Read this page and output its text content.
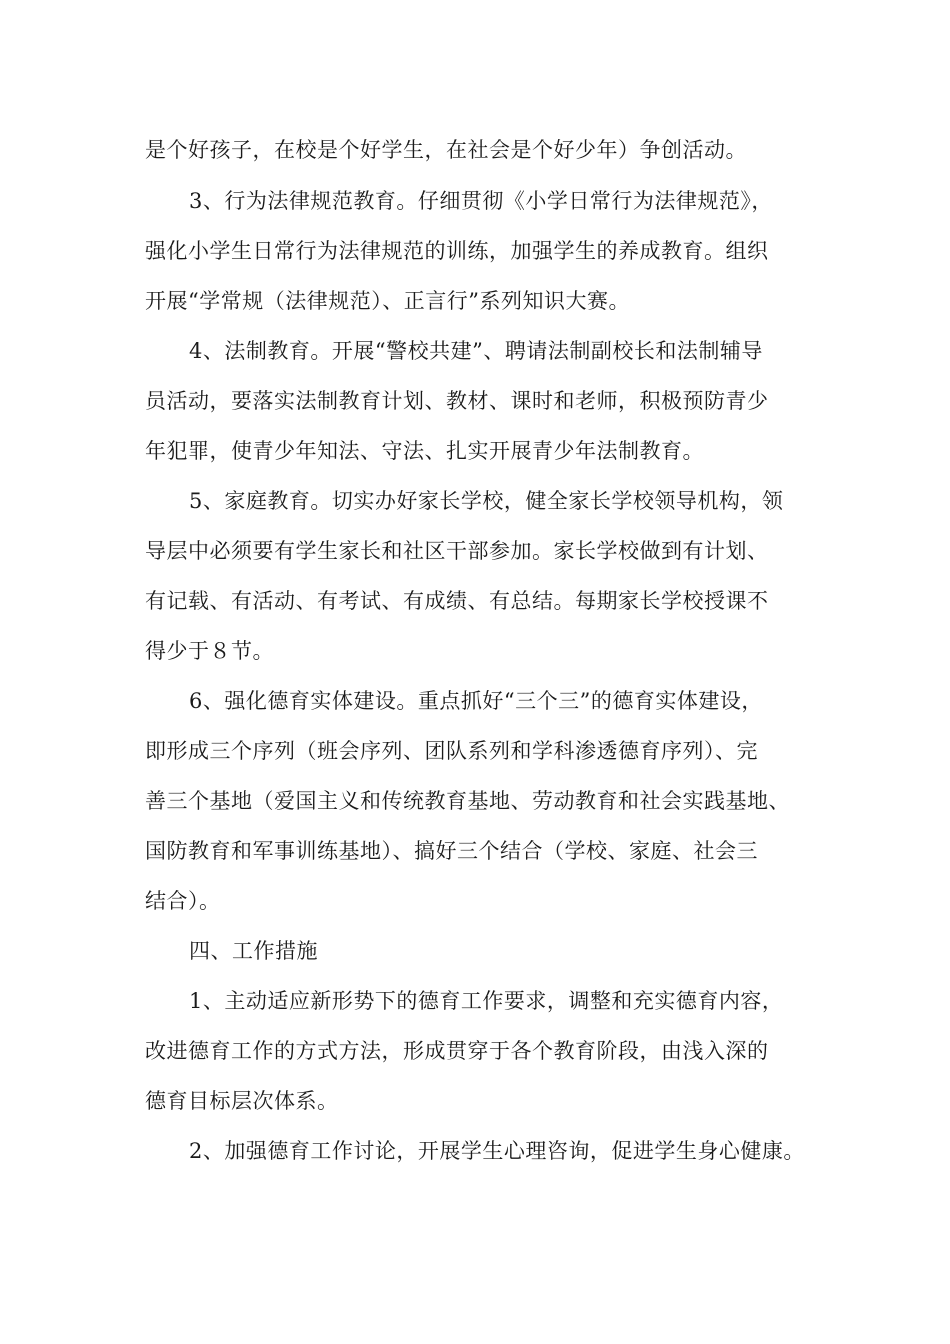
是个好孩子，在校是个好学生，在社会是个好少年）争创活动。
3、行为法律规范教育。仔细贯彻《小学日常行为法律规范》，
强化小学生日常行为法律规范的训练，加强学生的养成教育。组织
开展“学常规（法律规范）、正言行”系列知识大赛。
4、法制教育。开展“警校共建”、聘请法制副校长和法制辅导
员活动，要落实法制教育计划、教材、课时和老师，积极预防青少
年犯罪，使青少年知法、守法、扎实开展青少年法制教育。
5、家庭教育。切实办好家长学校，健全家长学校领导机构，领
导层中必须要有学生家长和社区干部参加。家长学校做到有计划、
有记载、有活动、有考试、有成绩、有总结。每期家长学校授课不
得少于８节。
6、强化德育实体建设。重点抓好“三个三”的德育实体建设，
即形成三个序列（班会序列、团队系列和学科渗透德育序列）、完
善三个基地（爱国主义和传统教育基地、劳动教育和社会实践基地、
国防教育和军事训练基地）、搞好三个结合（学校、家庭、社会三
结合）。
四、工作措施
1、主动适应新形势下的德育工作要求，调整和充实德育内容，
改进德育工作的方式方法，形成贯穿于各个教育阶段，由浅入深的
德育目标层次体系。
2、加强德育工作讨论，开展学生心理咨询，促进学生身心健康。
